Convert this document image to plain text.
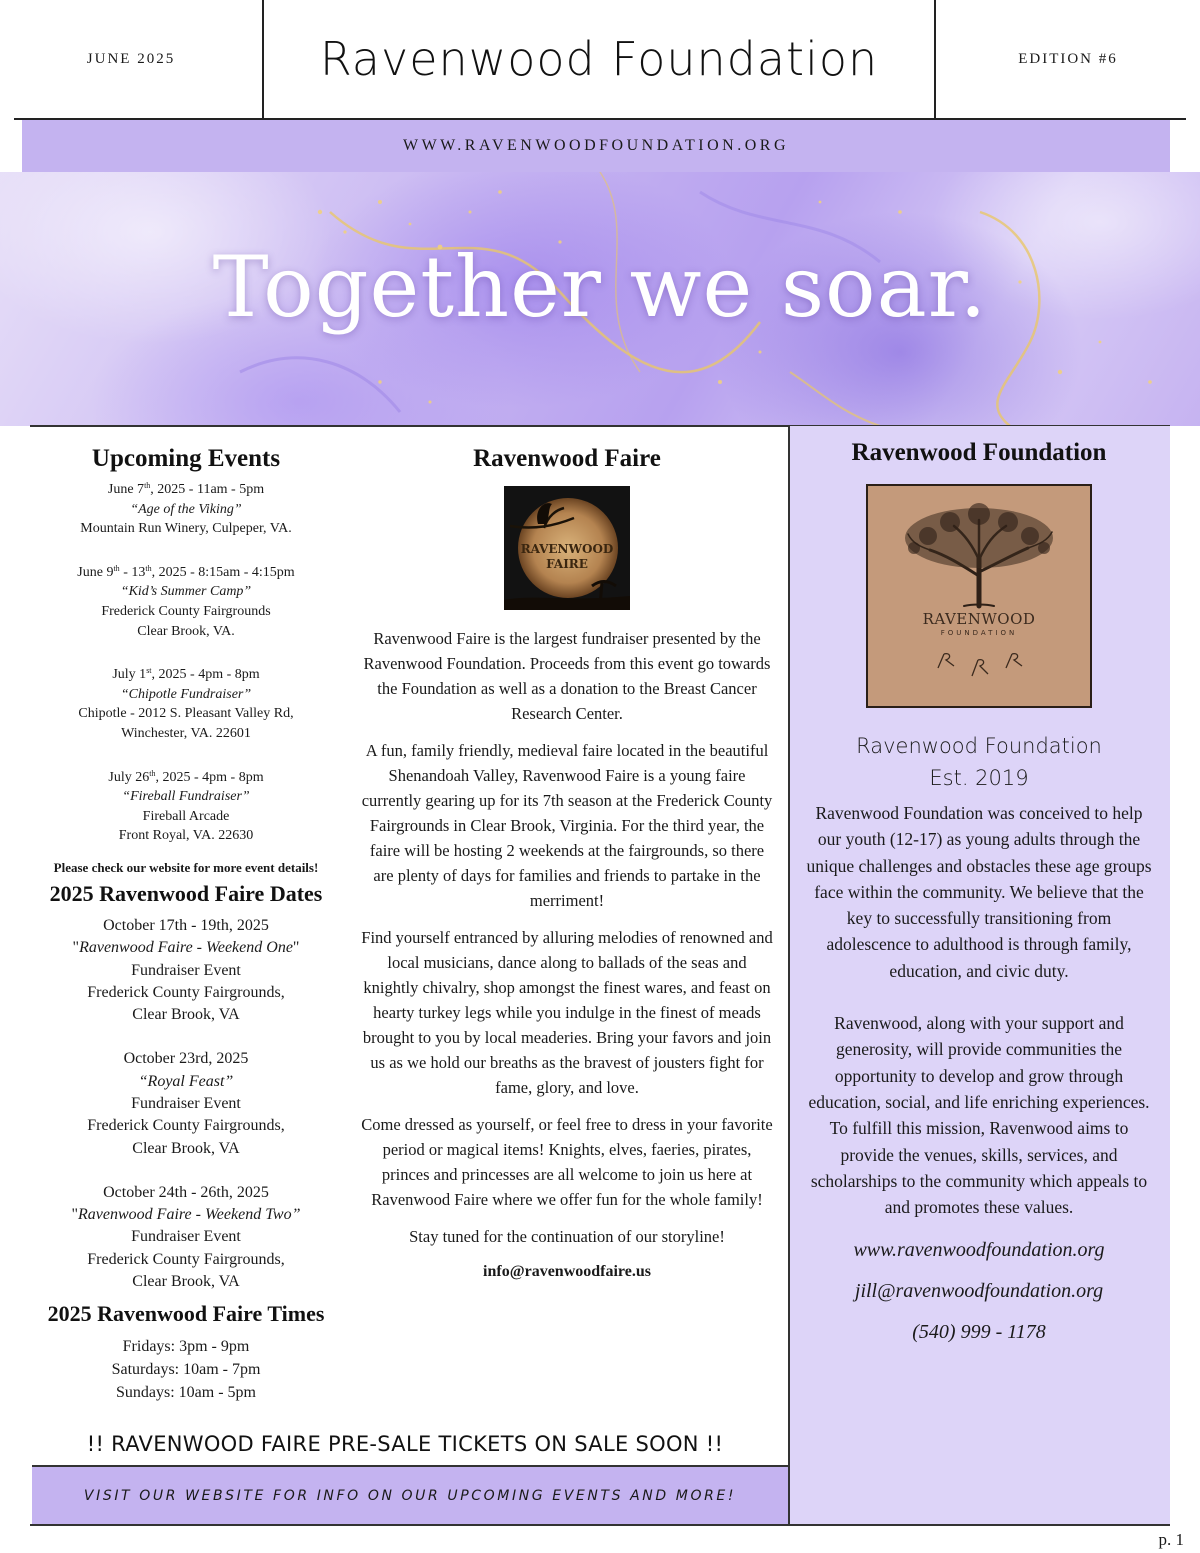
JUNE 2025	Ravenwood Foundation	EDITION #6
WWW.RAVENWOODFOUNDATION.ORG
Together we soar.
Upcoming Events
June 7th, 2025 - 11am - 5pm
“Age of the Viking”
Mountain Run Winery, Culpeper, VA.
June 9th - 13th, 2025 - 8:15am - 4:15pm
“Kid’s Summer Camp”
Frederick County Fairgrounds
Clear Brook, VA.
July 1st, 2025 - 4pm - 8pm
“Chipotle Fundraiser”
Chipotle - 2012 S. Pleasant Valley Rd,
Winchester, VA. 22601
July 26th, 2025 - 4pm - 8pm
“Fireball Fundraiser”
Fireball Arcade
Front Royal, VA. 22630
Please check our website for more event details!
2025 Ravenwood Faire Dates
October 17th - 19th, 2025
"Ravenwood Faire - Weekend One"
Fundraiser Event
Frederick County Fairgrounds,
Clear Brook, VA
October 23rd, 2025
“Royal Feast”
Fundraiser Event
Frederick County Fairgrounds,
Clear Brook, VA
October 24th - 26th, 2025
"Ravenwood Faire - Weekend Two”
Fundraiser Event
Frederick County Fairgrounds,
Clear Brook, VA
2025 Ravenwood Faire Times
Fridays: 3pm - 9pm
Saturdays: 10am - 7pm
Sundays: 10am - 5pm
Ravenwood Faire
RAVENWOOD
FAIRE
Ravenwood Faire is the largest fundraiser presented by the Ravenwood Foundation. Proceeds from this event go towards the Foundation as well as a donation to the Breast Cancer Research Center.
A fun, family friendly, medieval faire located in the beautiful Shenandoah Valley, Ravenwood Faire is a young faire currently gearing up for its 7th season at the Frederick County Fairgrounds in Clear Brook, Virginia. For the third year, the faire will be hosting 2 weekends at the fairgrounds, so there are plenty of days for families and friends to partake in the merriment!
Find yourself entranced by alluring melodies of renowned and local musicians, dance along to ballads of the seas and knightly chivalry, shop amongst the finest wares, and feast on hearty turkey legs while you indulge in the finest of meads brought to you by local meaderies. Bring your favors and join us as we hold our breaths as the bravest of jousters fight for fame, glory, and love.
Come dressed as yourself, or feel free to dress in your favorite period or magical items! Knights, elves, faeries, pirates, princes and princesses are all welcome to join us here at Ravenwood Faire where we offer fun for the whole family!
Stay tuned for the continuation of our storyline!
info@ravenwoodfaire.us
Ravenwood Foundation
RAVENWOOD
FOUNDATION
Ravenwood Foundation
Est. 2019
Ravenwood Foundation was conceived to help our youth (12-17) as young adults through the unique challenges and obstacles these age groups face within the community. We believe that the key to successfully transitioning from adolescence to adulthood is through family, education, and civic duty.
Ravenwood, along with your support and generosity, will provide communities the opportunity to develop and grow through education, social, and life enriching experiences. To fulfill this mission, Ravenwood aims to provide the venues, skills, services, and scholarships to the community which appeals to and promotes these values.
www.ravenwoodfoundation.org
jill@ravenwoodfoundation.org
(540) 999 - 1178
!! RAVENWOOD FAIRE PRE-SALE TICKETS ON SALE SOON !!
VISIT OUR WEBSITE FOR INFO ON OUR UPCOMING EVENTS AND MORE!
p. 1
